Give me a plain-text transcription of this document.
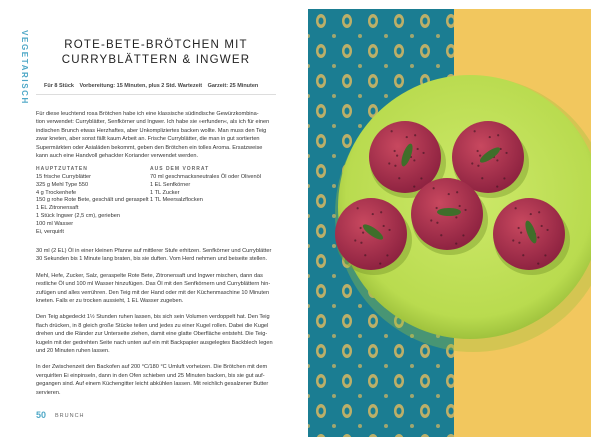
VEGETARISCH	ROTE-BETE-BRÖTCHEN MIT CURRYBLÄTTERN & INGWER
Für 8 Stück Vorbereitung: 15 Minuten, plus 2 Std. Wartezeit Garzeit: 25 Minuten
Für diese leuchtend rosa Brötchen habe ich eine klassische südindische Gewürzkombina-
tion verwendet: Curryblätter, Senfkörner und Ingwer. Ich habe sie »erfunden«, als ich für einen
indischen Brunch etwas Herzhaftes, aber Unkompliziertes backen wollte. Man muss den Teig
zwar kneten, aber sonst fällt kaum Arbeit an. Frische Curryblätter, die man in gut sortierten
Supermärkten oder Asialäden bekommt, geben den Brötchen ein tolles Aroma. Ersatzweise
kann auch eine Handvoll gehackter Koriander verwendet werden.
HAUPTZUTATEN
15 frische Curryblätter
325 g Mehl Type 550
4 g Trockenhefe
150 g rohe Rote Bete, geschält und geraspelt
1 EL Zitronensaft
1 Stück Ingwer (2,5 cm), gerieben
100 ml Wasser
Ei, verquirlt
AUS DEM VORRAT
70 ml geschmacksneutrales Öl oder Olivenöl
1 EL Senfkörner
1 TL Zucker
1 TL Meersalzflocken

30 ml (2 EL) Öl in einer kleinen Pfanne auf mittlerer Stufe erhitzen. Senfkörner und Curryblätter
30 Sekunden bis 1 Minute lang braten, bis sie duften. Vom Herd nehmen und beiseite stellen.

Mehl, Hefe, Zucker, Salz, geraspelte Rote Bete, Zitronensaft und Ingwer mischen, dann das
restliche Öl und 100 ml Wasser hinzufügen. Das Öl mit den Senfkörnern und Curryblättern hin-
zufügen und alles verrühren. Den Teig mit der Hand oder mit der Küchenmaschine 10 Minuten
kneten. Falls er zu trocken aussieht, 1 EL Wasser zugeben.

Den Teig abgedeckt 1½ Stunden ruhen lassen, bis sich sein Volumen verdoppelt hat. Den Teig
flach drücken, in 8 gleich große Stücke teilen und jedes zu einer Kugel rollen. Dabei die Kugel
drehen und die Ränder zur Unterseite ziehen, damit eine glatte Oberfläche entsteht. Die Teig-
kugeln mit der gedrehten Seite nach unten auf ein mit Backpapier ausgelegtes Backblech legen
und 20 Minuten ruhen lassen.

In der Zwischenzeit den Backofen auf 200 °C/180 °C Umluft vorheizen. Die Brötchen mit dem
verquirlten Ei einpinseln, dann in den Ofen schieben und 25 Minuten backen, bis sie gut auf-
gegangen sind. Auf einem Küchengitter leicht abkühlen lassen. Mit reichlich gesalzener Butter
servieren.

50 BRUNCH
